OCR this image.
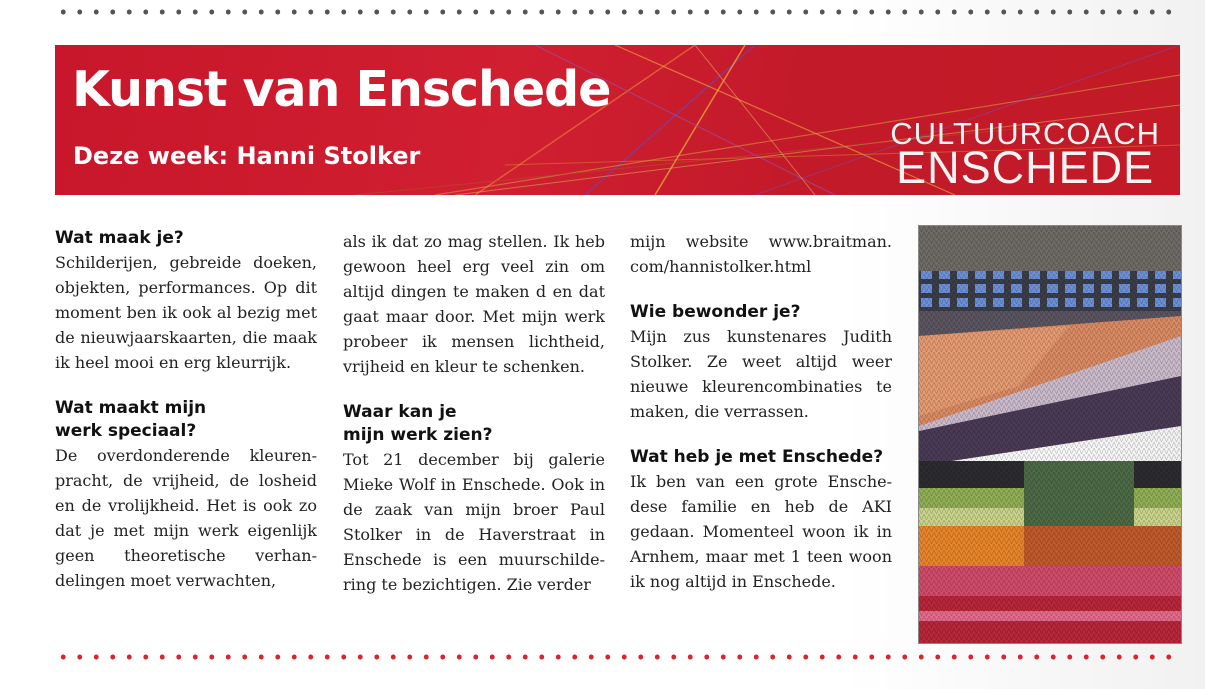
Kunst van Enschede
Deze week: Hanni Stolker
CULTUURCOACH
ENSCHEDE
Wat maak je?

Schilderijen, gebreide doeken, objekten, performances. Op dit moment ben ik ook al bezig met de nieuwjaarskaarten, die maak ik heel mooi en erg kleurrijk.

Wat maakt mijn
werk speciaal?

De overdonderende kleurenpracht, de vrijheid, de losheid en de vrolijkheid. Het is ook zo dat je met mijn werk eigenlijk geen theoretische verhandelingen moet verwachten,

als ik dat zo mag stellen. Ik heb gewoon heel erg veel zin om altijd dingen te maken d en dat gaat maar door. Met mijn werk probeer ik mensen lichtheid, vrijheid en kleur te schenken.

Waar kan je
mijn werk zien?

Tot 21 december bij galerie Mieke Wolf in Enschede. Ook in de zaak van mijn broer Paul Stolker in de Haverstraat in Enschede is een muurschildering te bezichtigen. Zie verder

mijn website www.braitman. com/hannistolker.html

Wie bewonder je?

Mijn zus kunstenares Judith Stolker. Ze weet altijd weer nieuwe kleurencombinaties te maken, die verrassen.

Wat heb je met Enschede?

Ik ben van een grote Enschedese familie en heb de AKI gedaan. Momenteel woon ik in Arnhem, maar met 1 teen woon ik nog altijd in Enschede.
